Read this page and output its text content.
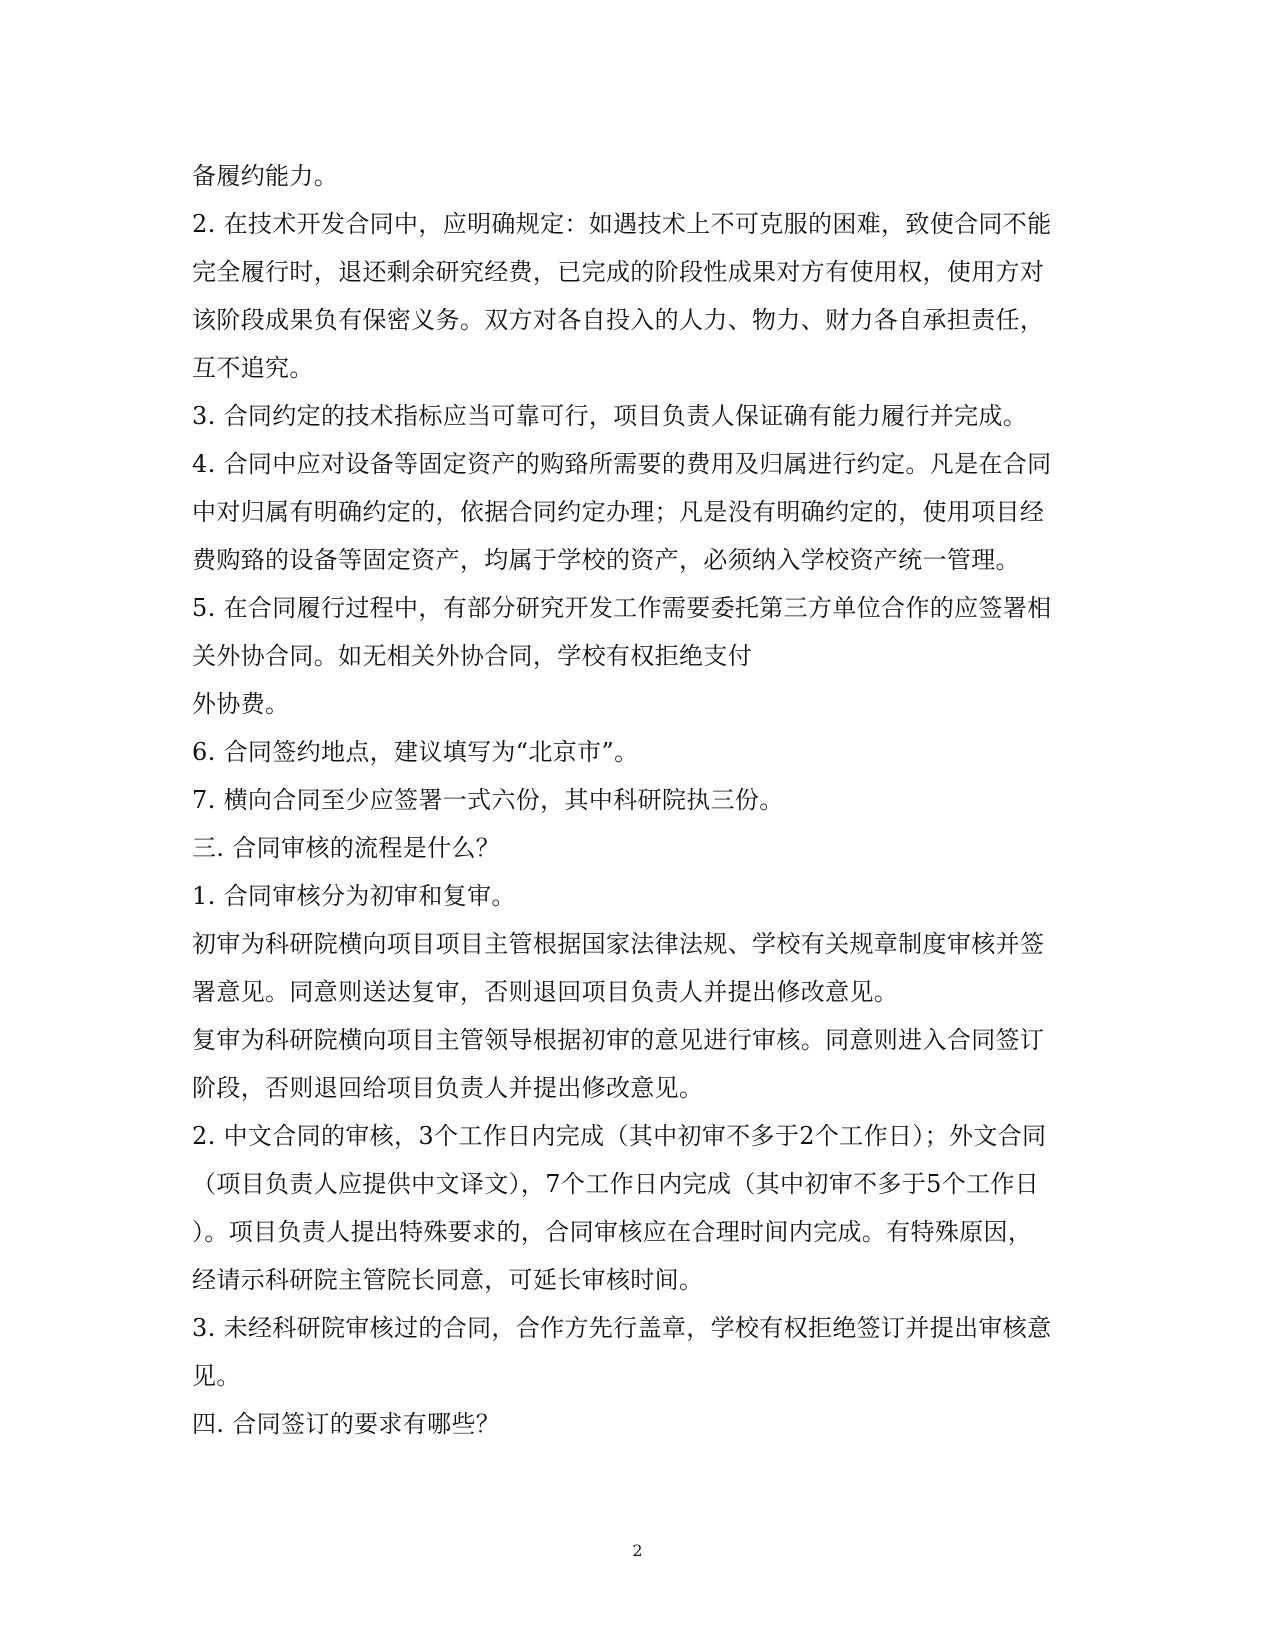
备履约能力。
2. 在技术开发合同中，应明确规定：如遇技术上不可克服的困难，致使合同不能
完全履行时，退还剩余研究经费，已完成的阶段性成果对方有使用权，使用方对
该阶段成果负有保密义务。双方对各自投入的人力、物力、财力各自承担责任，
互不追究。
3. 合同约定的技术指标应当可靠可行，项目负责人保证确有能力履行并完成。
4. 合同中应对设备等固定资产的购臵所需要的费用及归属进行约定。凡是在合同
中对归属有明确约定的，依据合同约定办理；凡是没有明确约定的，使用项目经
费购臵的设备等固定资产，均属于学校的资产，必须纳入学校资产统一管理。
5. 在合同履行过程中，有部分研究开发工作需要委托第三方单位合作的应签署相
关外协合同。如无相关外协合同，学校有权拒绝支付
外协费。
6. 合同签约地点，建议填写为“北京市”。
7. 横向合同至少应签署一式六份，其中科研院执三份。
三. 合同审核的流程是什么？
1. 合同审核分为初审和复审。
初审为科研院横向项目项目主管根据国家法律法规、学校有关规章制度审核并签
署意见。同意则送达复审，否则退回项目负责人并提出修改意见。
复审为科研院横向项目主管领导根据初审的意见进行审核。同意则进入合同签订
阶段，否则退回给项目负责人并提出修改意见。
2. 中文合同的审核，3个工作日内完成（其中初审不多于2个工作日）；外文合同
（项目负责人应提供中文译文），7个工作日内完成（其中初审不多于5个工作日
）。项目负责人提出特殊要求的，合同审核应在合理时间内完成。有特殊原因，
经请示科研院主管院长同意，可延长审核时间。
3. 未经科研院审核过的合同，合作方先行盖章，学校有权拒绝签订并提出审核意
见。
四. 合同签订的要求有哪些？
2
